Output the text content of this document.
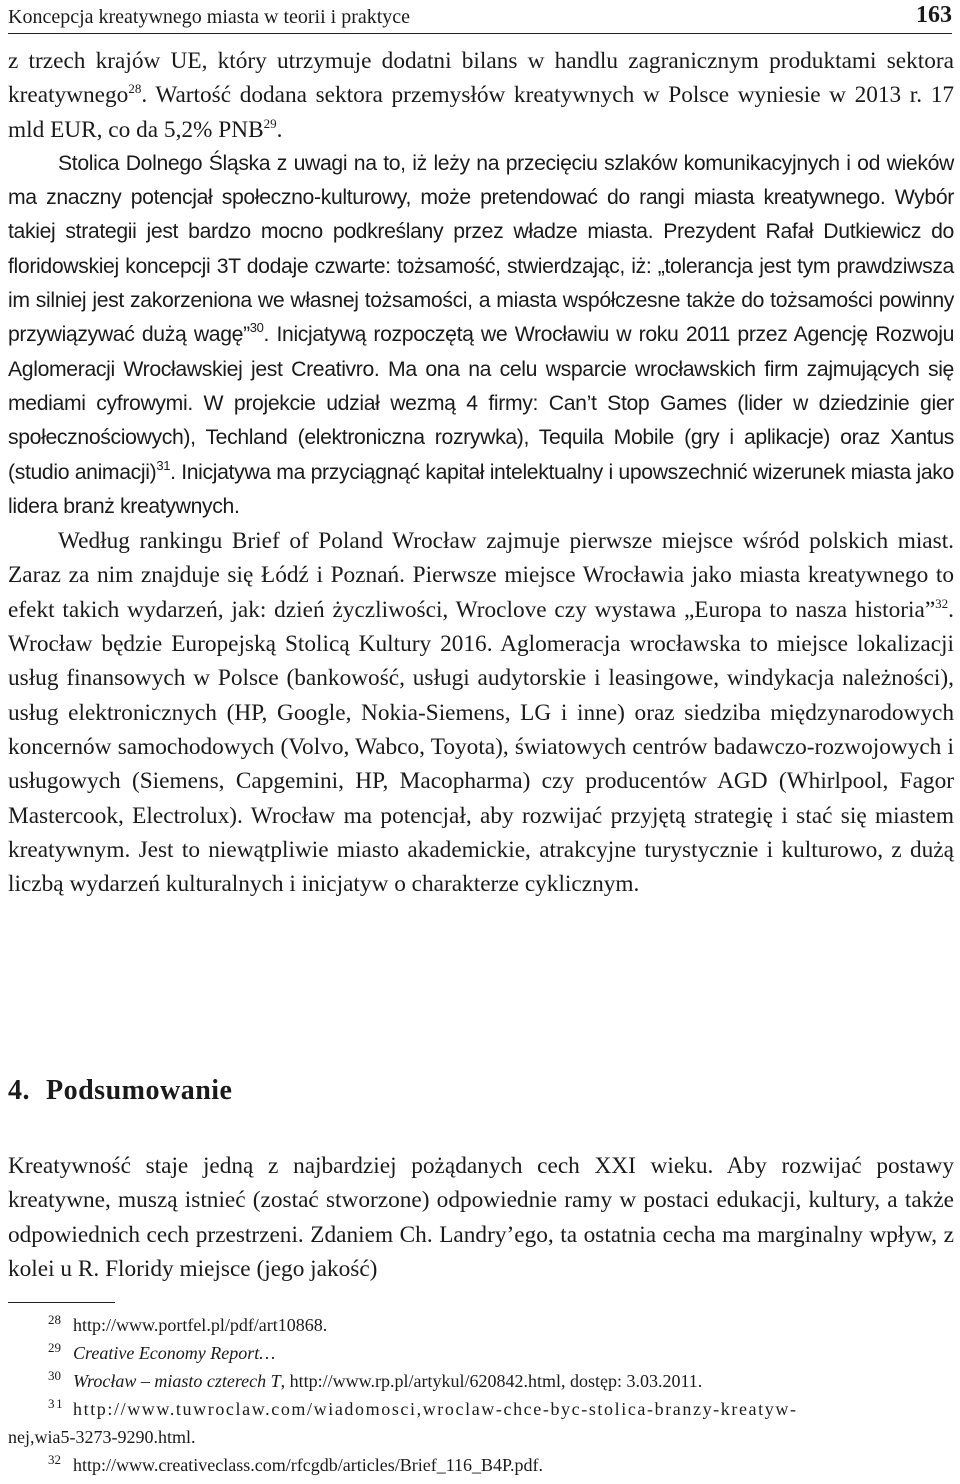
Koncepcja kreatywnego miasta w teorii i praktyce	163

z trzech krajów UE, który utrzymuje dodatni bilans w handlu zagranicznym produktami sektora kreatywnego$^{28}$. Wartość dodana sektora przemysłów kreatywnych w Polsce wyniesie w 2013 r. 17 mld EUR, co da 5,2% PNB$^{29}$.

Stolica Dolnego Śląska z uwagi na to, iż leży na przecięciu szlaków komunikacyjnych i od wieków ma znaczny potencjał społeczno-kulturowy, może pretendować do rangi miasta kreatywnego. Wybór takiej strategii jest bardzo mocno podkreślany przez władze miasta. Prezydent Rafał Dutkiewicz do floridowskiej koncepcji 3T dodaje czwarte: tożsamość, stwierdzając, iż: „tolerancja jest tym prawdziwsza im silniej jest zakorzeniona we własnej tożsamości, a miasta współczesne także do tożsamości powinny przywiązywać dużą wagę”$^{30}$. Inicjatywą rozpoczętą we Wrocławiu w roku 2011 przez Agencję Rozwoju Aglomeracji Wrocławskiej jest Creativro. Ma ona na celu wsparcie wrocławskich firm zajmujących się mediami cyfrowymi. W projekcie udział wezmą 4 firmy: Can’t Stop Games (lider w dziedzinie gier społecznościowych), Techland (elektroniczna rozrywka), Tequila Mobile (gry i aplikacje) oraz Xantus (studio animacji)$^{31}$. Inicjatywa ma przyciągnąć kapitał intelektualny i upowszechnić wizerunek miasta jako lidera branż kreatywnych.

Według rankingu Brief of Poland Wrocław zajmuje pierwsze miejsce wśród polskich miast. Zaraz za nim znajduje się Łódź i Poznań. Pierwsze miejsce Wrocławia jako miasta kreatywnego to efekt takich wydarzeń, jak: dzień życzliwości, Wroclove czy wystawa „Europa to nasza historia”$^{32}$. Wrocław będzie Europejską Stolicą Kultury 2016. Aglomeracja wrocławska to miejsce lokalizacji usług finansowych w Polsce (bankowość, usługi audytorskie i leasingowe, windykacja należności), usług elektronicznych (HP, Google, Nokia-Siemens, LG i inne) oraz siedziba międzynarodowych koncernów samochodowych (Volvo, Wabco, Toyota), światowych centrów badawczo-rozwojowych i usługowych (Siemens, Capgemini, HP, Macopharma) czy producentów AGD (Whirlpool, Fagor Mastercook, Electrolux). Wrocław ma potencjał, aby rozwijać przyjętą strategię i stać się miastem kreatywnym. Jest to niewątpliwie miasto akademickie, atrakcyjne turystycznie i kulturowo, z dużą liczbą wydarzeń kulturalnych i inicjatyw o charakterze cyklicznym.

4. Podsumowanie

Kreatywność staje jedną z najbardziej pożądanych cech XXI wieku. Aby rozwijać postawy kreatywne, muszą istnieć (zostać stworzone) odpowiednie ramy w postaci edukacji, kultury, a także odpowiednich cech przestrzeni. Zdaniem Ch. Landry’ego, ta ostatnia cecha ma marginalny wpływ, z kolei u R. Floridy miejsce (jego jakość)

28 http://www.portfel.pl/pdf/art10868.
29 Creative Economy Report…
30 Wrocław – miasto czterech T, http://www.rp.pl/artykul/620842.html, dostęp: 3.03.2011.
31 http://www.tuwroclaw.com/wiadomosci,wroclaw-chce-byc-stolica-branzy-kreatyw-
nej,wia5-3273-9290.html.
32 http://www.creativeclass.com/rfcgdb/articles/Brief_116_B4P.pdf.
